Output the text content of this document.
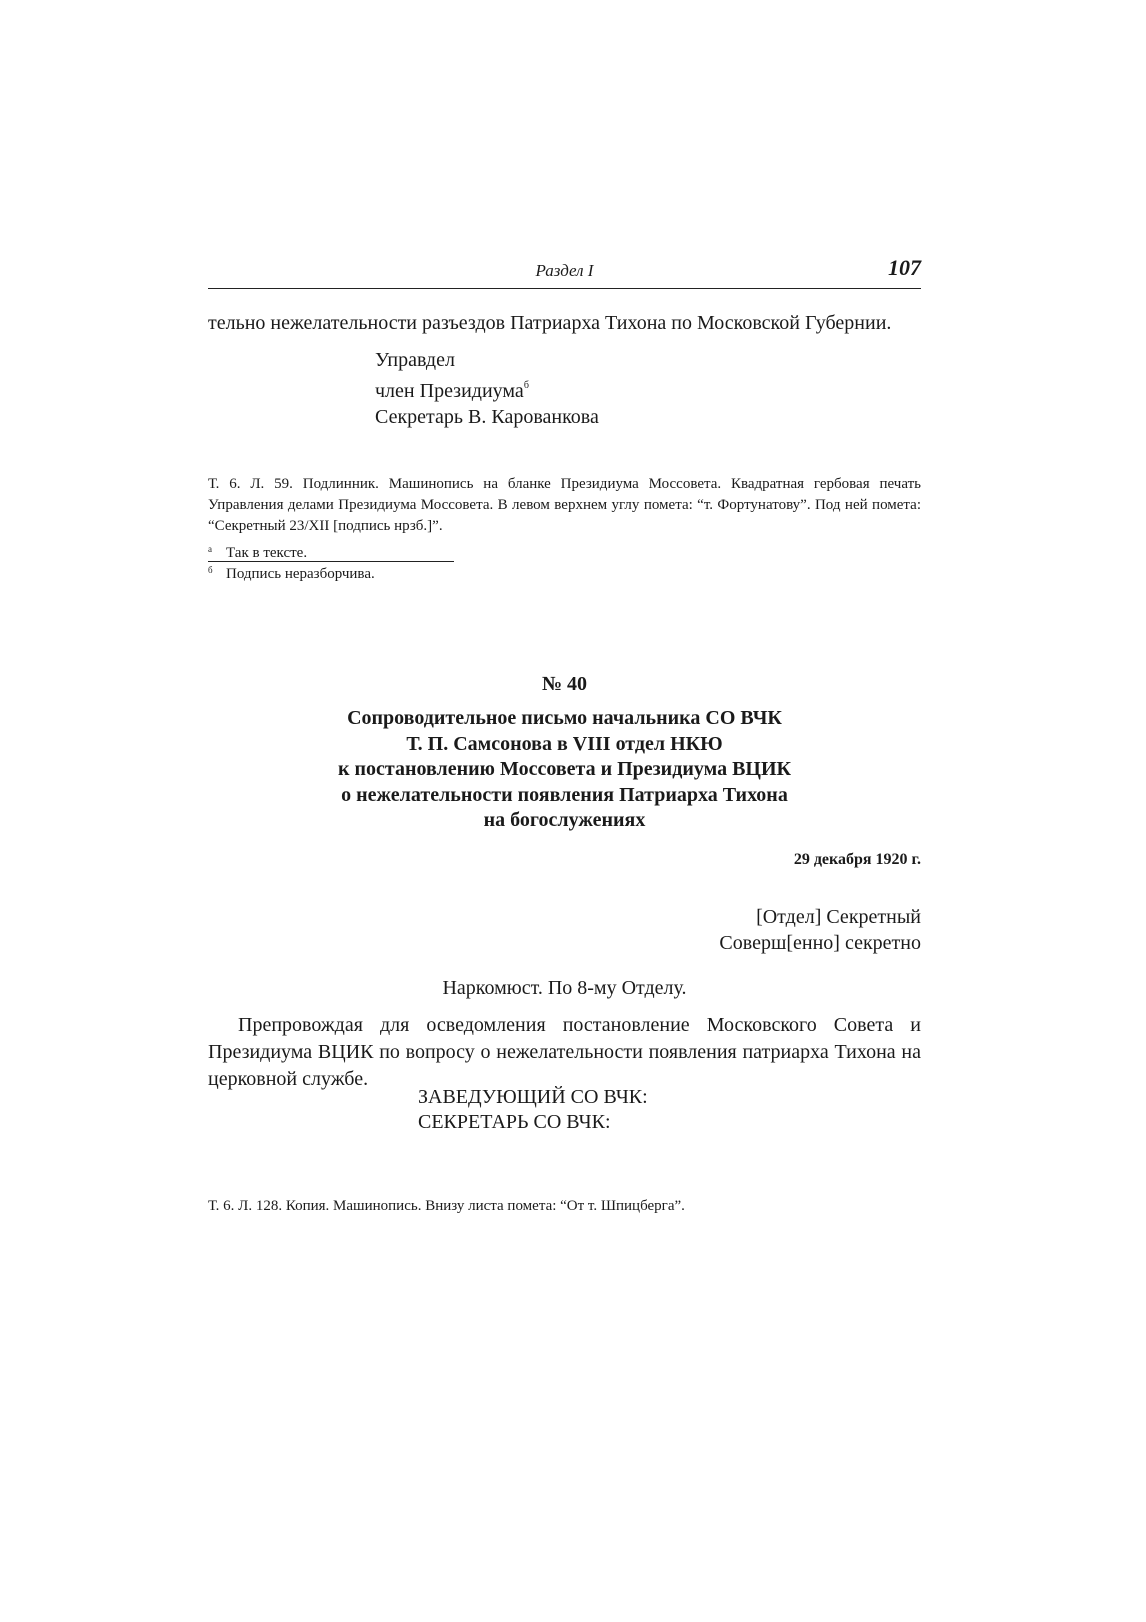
Раздел I	107
тельно нежелательности разъездов Патриарха Тихона по Московской Губернии.
Управдел
член Президиума$^б$
Секретарь В. Карованкова
Т. 6. Л. 59. Подлинник. Машинопись на бланке Президиума Моссовета. Квадратная гербовая печать Управления делами Президиума Моссовета. В левом верхнем углу помета: “т. Фортунатову”. Под ней помета: “Секретный 23/XII [подпись нрзб.]”.
а Так в тексте.
б Подпись неразборчива.
№ 40
Сопроводительное письмо начальника СО ВЧК
Т. П. Самсонова в VIII отдел НКЮ
к постановлению Моссовета и Президиума ВЦИК
о нежелательности появления Патриарха Тихона
на богослужениях
29 декабря 1920 г.
[Отдел] Секретный
Соверш[енно] секретно
Наркомюст. По 8-му Отделу.
Препровождая для осведомления постановление Московского Совета и Президиума ВЦИК по вопросу о нежелательности появления патриарха Тихона на церковной службе.
ЗАВЕДУЮЩИЙ СО ВЧК:
СЕКРЕТАРЬ СО ВЧК:
Т. 6. Л. 128. Копия. Машинопись. Внизу листа помета: “От т. Шпицберга”.
